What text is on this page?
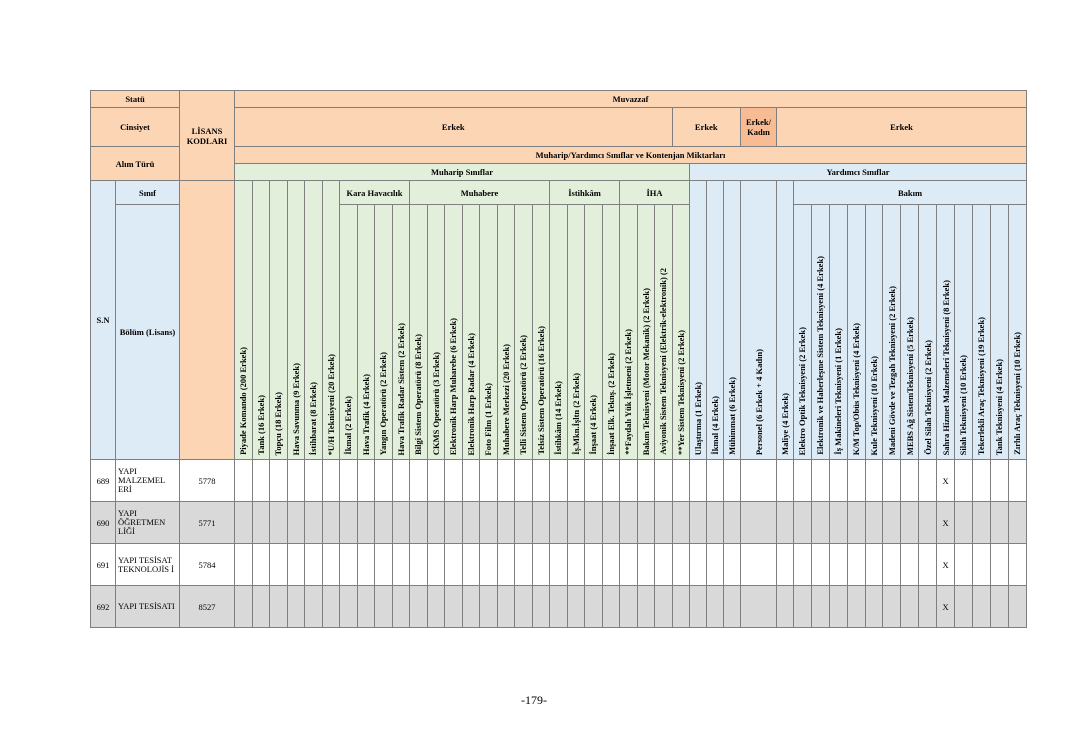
Statü		LİSANS KODLARI	Muvazzaf																																											
Cinsiyet			Erkek																									Erkek				Erkek/ Kadın	Erkek													
Alım Türü			Muharip/Yardımcı Sınıflar ve Kontenjan Miktarları																																											
			Muharip Sınıflar																										Yardımcı Sınıflar																	
S.N	Sınıf		Piyade Komando (200 Erkek)	Tank (16 Erkek)	Topçu (18 Erkek)	Hava Savunma (9 Erkek)	İstihbarat (8 Erkek)	*U/H Teknisyeni (20 Erkek)	Kara Havacılık				Muhabere								İstihkâm				İHA				Ulaştırma (1 Erkek)	İkmal (4 Erkek)	Mühimmat (6 Erkek)	Personel (6 Erkek + 4 Kadın)	Maliye (4 Erkek)	Bakım												
	Bölüm (Lisans)								İkmal (2 Erkek)	Hava Trafik (4 Erkek)	Yangın Operatörü (2 Erkek)	Hava Trafik Radar Sistem (2 Erkek)	Bilgi Sistem Operatörü (8 Erkek)	CKMS Operatörü (3 Erkek)	Elektronik Harp Muharebe (6 Erkek)	Elektronik Harp Radar (4 Erkek)	Foto Film (1 Erkek)	Muhabere Merkezi (20 Erkek)	Telli Sistem Operatörü (2 Erkek)	Telsiz Sistem Operatörü (16 Erkek)	İstihkâm (14 Erkek)	İş.Mkn.İşltn (2 Erkek)	İnşaat (4 Erkek)	İnşaat Elk. Teknş. (2 Erkek)	**Faydalı Yük İşletmeni (2 Erkek)	Bakım Teknisyeni (Motor Mekanik) (2 Erkek)	Aviyonik Sistem Teknisyeni (Elektrik-elektronik) (2	**Yer Sistem Teknisyeni (2 Erkek)						Elektro Optik Teknisyeni (2 Erkek)	Elektronik ve Haberleşme Sistem Teknisyeni (4 Erkek)	İş Makineleri Teknisyeni (1 Erkek)	K/M Top/Obüs Teknisyeni (4 Erkek)	Kule Teknisyeni (10 Erkek)	Madeni Gövde ve Tezgah Teknisyeni (2 Erkek)	MEBS Ağ SistemTeknisyeni (5 Erkek)	Özel Silah Teknisyeni (2 Erkek)	Sahra Hizmet Malzemeleri Teknisyeni (8 Erkek)	Silah Teknisyeni (10 Erkek)	Tekerlekli Araç Teknisyeni (19 Erkek)	Tank Teknisyeni (4 Erkek)	Zırhlı Araç Teknisyeni (10 Erkek)
689	YAPI MALZEMEL ERİ	5778																																								X				
690	YAPI ÖĞRETMEN LİĞİ	5771																																								X				
691	YAPI TESİSAT TEKNOLOJİS İ	5784																																								X				
692	YAPI TESİSATI	8527																																								X				
-179-
